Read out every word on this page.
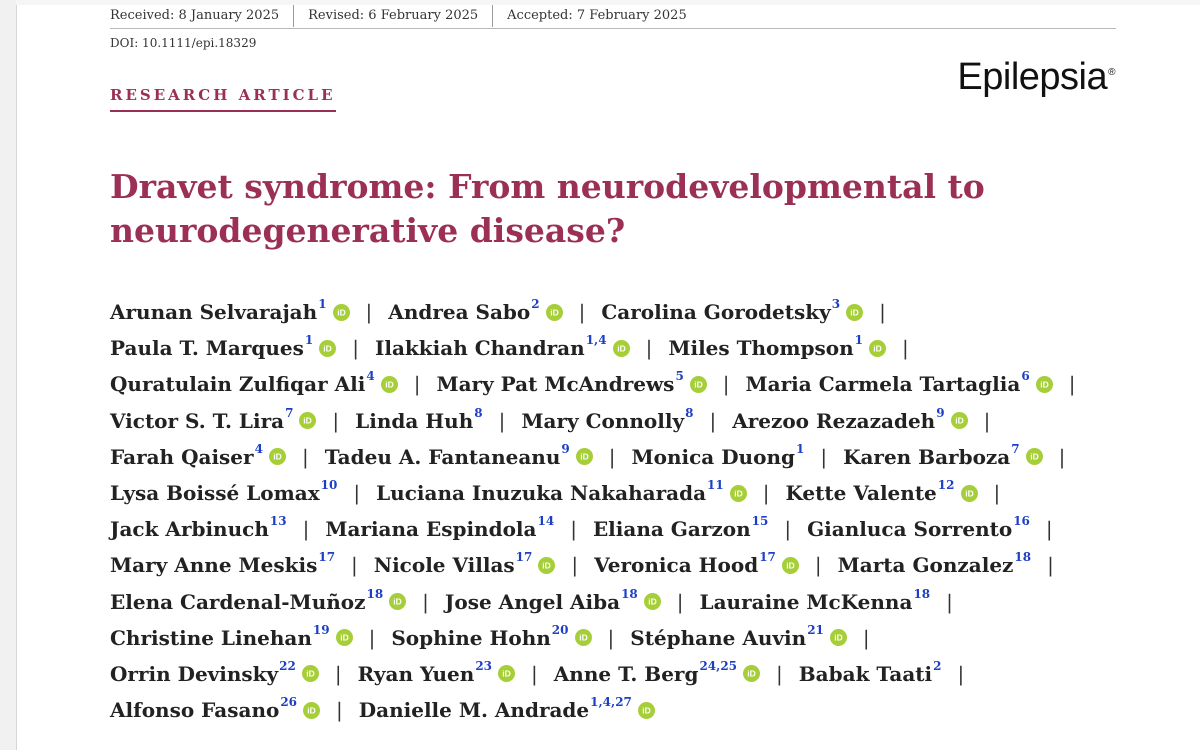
Received: 8 January 2025	Revised: 6 February 2025	Accepted: 7 February 2025
DOI: 10.1111/epi.18329
Epilepsia®
RESEARCH ARTICLE
Dravet syndrome: From neurodevelopmental to
neurodegenerative disease?
Arunan Selvarajah$^1$
iD | Andrea Sabo$^2$
iD | Carolina Gorodetsky$^3$
iD |
Paula T. Marques$^1$
iD | Ilakkiah Chandran$^{1,4}$
iD | Miles Thompson$^1$
iD |
Quratulain Zulfiqar Ali$^4$
iD | Mary Pat McAndrews$^5$
iD | Maria Carmela Tartaglia$^6$
iD |
Victor S. T. Lira$^7$
iD | Linda Huh$^8$ | Mary Connolly$^8$ | Arezoo Rezazadeh$^9$
iD |
Farah Qaiser$^4$
iD | Tadeu A. Fantaneanu$^9$
iD | Monica Duong$^1$ | Karen Barboza$^7$
iD |
Lysa Boissé Lomax$^{10}$ | Luciana Inuzuka Nakaharada$^{11}$
iD | Kette Valente$^{12}$
iD |
Jack Arbinuch$^{13}$ | Mariana Espindola$^{14}$ | Eliana Garzon$^{15}$ | Gianluca Sorrento$^{16}$ |
Mary Anne Meskis$^{17}$ | Nicole Villas$^{17}$
iD | Veronica Hood$^{17}$
iD | Marta Gonzalez$^{18}$ |
Elena Cardenal-Muñoz$^{18}$
iD | Jose Angel Aiba$^{18}$
iD | Lauraine McKenna$^{18}$ |
Christine Linehan$^{19}$
iD | Sophine Hohn$^{20}$
iD | Stéphane Auvin$^{21}$
iD |
Orrin Devinsky$^{22}$
iD | Ryan Yuen$^{23}$
iD | Anne T. Berg$^{24,25}$
iD | Babak Taati$^2$ |
Alfonso Fasano$^{26}$
iD | Danielle M. Andrade$^{1,4,27}$
iD
